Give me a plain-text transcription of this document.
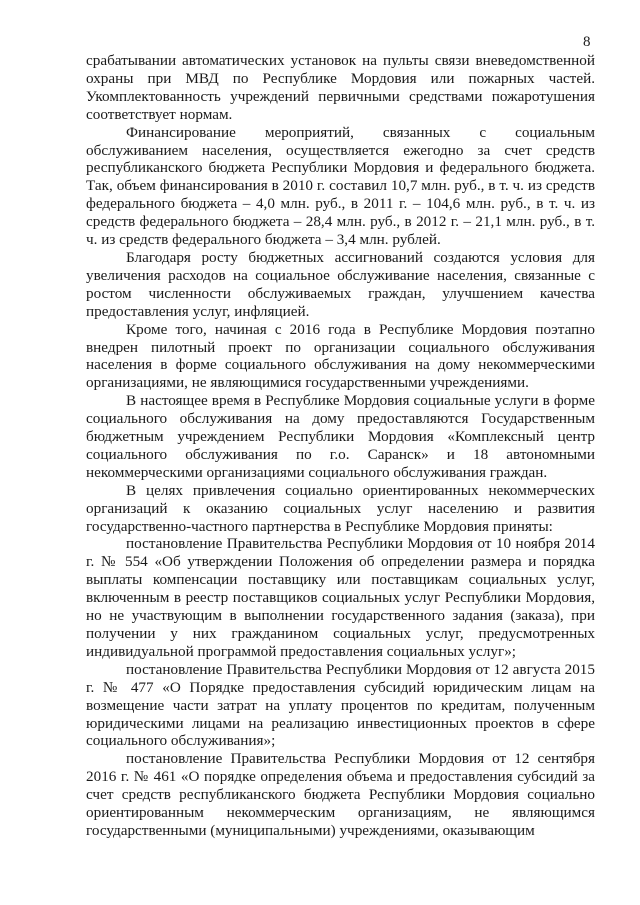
8

срабатывании автоматических установок на пульты связи вневедомственной охраны при МВД по Республике Мордовия или пожарных частей. Укомплектованность учреждений первичными средствами пожаротушения соответствует нормам.

Финансирование мероприятий, связанных с социальным обслуживанием населения, осуществляется ежегодно за счет средств республиканского бюджета Республики Мордовия и федерального бюджета. Так, объем финансирования в 2010 г. составил 10,7 млн. руб., в т. ч. из средств федерального бюджета – 4,0 млн. руб., в 2011 г. – 104,6 млн. руб., в т. ч. из средств федерального бюджета – 28,4 млн. руб., в 2012 г. – 21,1 млн. руб., в т. ч. из средств федерального бюджета – 3,4 млн. рублей.

Благодаря росту бюджетных ассигнований создаются условия для увеличения расходов на социальное обслуживание населения, связанные с ростом численности обслуживаемых граждан, улучшением качества предоставления услуг, инфляцией.

Кроме того, начиная с 2016 года в Республике Мордовия поэтапно внедрен пилотный проект по организации социального обслуживания населения в форме социального обслуживания на дому некоммерческими организациями, не являющимися государственными учреждениями.

В настоящее время в Республике Мордовия социальные услуги в форме социального обслуживания на дому предоставляются Государственным бюджетным учреждением Республики Мордовия «Комплексный центр социального обслуживания по г.о. Саранск» и 18 автономными некоммерческими организациями социального обслуживания граждан.

В целях привлечения социально ориентированных некоммерческих организаций к оказанию социальных услуг населению и развития государственно-частного партнерства в Республике Мордовия приняты:

постановление Правительства Республики Мордовия от 10 ноября 2014 г. № 554 «Об утверждении Положения об определении размера и порядка выплаты компенсации поставщику или поставщикам социальных услуг, включенным в реестр поставщиков социальных услуг Республики Мордовия, но не участвующим в выполнении государственного задания (заказа), при получении у них гражданином социальных услуг, предусмотренных индивидуальной программой предоставления социальных услуг»;

постановление Правительства Республики Мордовия от 12 августа 2015 г. № 477 «О Порядке предоставления субсидий юридическим лицам на возмещение части затрат на уплату процентов по кредитам, полученным юридическими лицами на реализацию инвестиционных проектов в сфере социального обслуживания»;

постановление Правительства Республики Мордовия от 12 сентября 2016 г. № 461 «О порядке определения объема и предоставления субсидий за счет средств республиканского бюджета Республики Мордовия социально ориентированным некоммерческим организациям, не являющимся государственными (муниципальными) учреждениями, оказывающим
